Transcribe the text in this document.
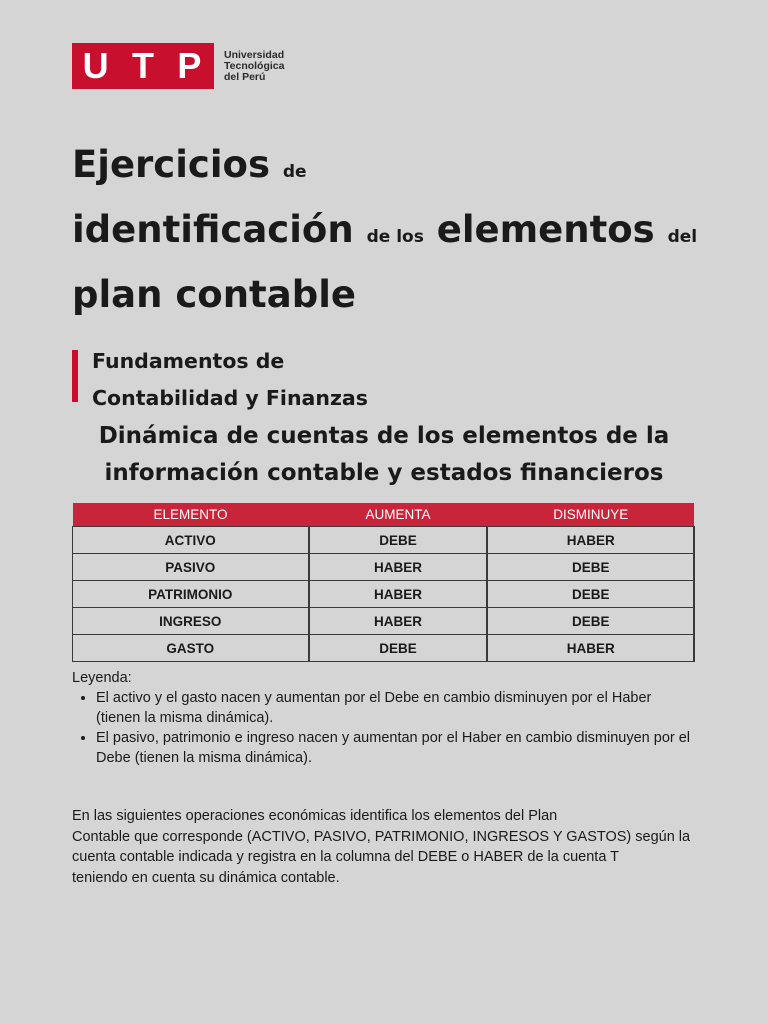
U T P Universidad
Tecnológica
del Perú
Ejercicios de
identificación de los elementos del
plan contable
Fundamentos de
Contabilidad y Finanzas
Dinámica de cuentas de los elementos de la
información contable y estados financieros
ELEMENTO	AUMENTA	DISMINUYE
ACTIVO	DEBE	HABER
PASIVO	HABER	DEBE
PATRIMONIO	HABER	DEBE
INGRESO	HABER	DEBE
GASTO	DEBE	HABER
Leyenda:
• El activo y el gasto nacen y aumentan por el Debe en cambio disminuyen por el Haber (tienen la misma dinámica).
• El pasivo, patrimonio e ingreso nacen y aumentan por el Haber en cambio disminuyen por el Debe (tienen la misma dinámica).
En las siguientes operaciones económicas identifica los elementos del Plan
Contable que corresponde (ACTIVO, PASIVO, PATRIMONIO, INGRESOS Y GASTOS) según la
cuenta contable indicada y registra en la columna del DEBE o HABER de la cuenta T
teniendo en cuenta su dinámica contable.
